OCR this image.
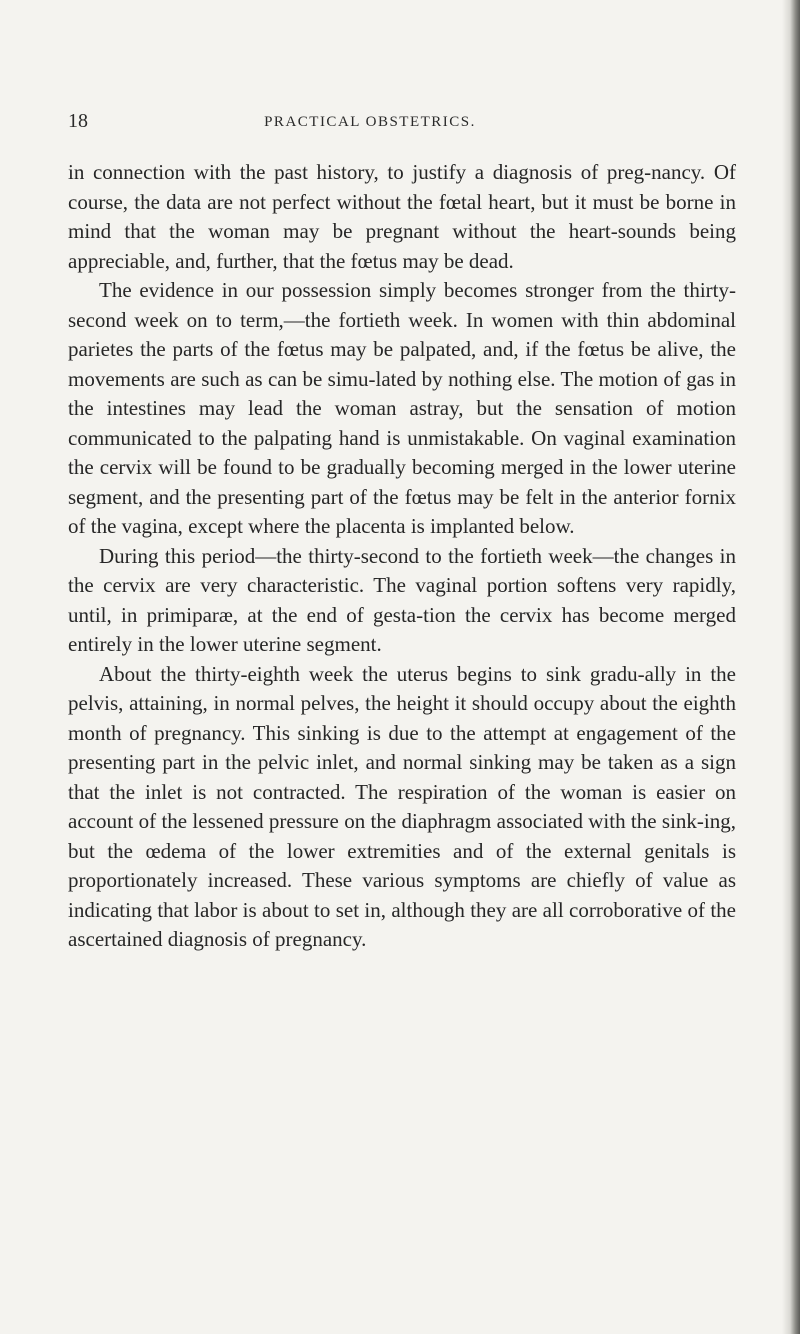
18	PRACTICAL OBSTETRICS.

in connection with the past history, to justify a diagnosis of preg-nancy. Of course, the data are not perfect without the fœtal heart, but it must be borne in mind that the woman may be pregnant without the heart-sounds being appreciable, and, further, that the fœtus may be dead.

The evidence in our possession simply becomes stronger from the thirty-second week on to term,—the fortieth week. In women with thin abdominal parietes the parts of the fœtus may be palpated, and, if the fœtus be alive, the movements are such as can be simu-lated by nothing else. The motion of gas in the intestines may lead the woman astray, but the sensation of motion communicated to the palpating hand is unmistakable. On vaginal examination the cervix will be found to be gradually becoming merged in the lower uterine segment, and the presenting part of the fœtus may be felt in the anterior fornix of the vagina, except where the placenta is implanted below.

During this period—the thirty-second to the fortieth week—the changes in the cervix are very characteristic. The vaginal portion softens very rapidly, until, in primiparæ, at the end of gesta-tion the cervix has become merged entirely in the lower uterine segment.

About the thirty-eighth week the uterus begins to sink gradu-ally in the pelvis, attaining, in normal pelves, the height it should occupy about the eighth month of pregnancy. This sinking is due to the attempt at engagement of the presenting part in the pelvic inlet, and normal sinking may be taken as a sign that the inlet is not contracted. The respiration of the woman is easier on account of the lessened pressure on the diaphragm associated with the sink-ing, but the œdema of the lower extremities and of the external genitals is proportionately increased. These various symptoms are chiefly of value as indicating that labor is about to set in, although they are all corroborative of the ascertained diagnosis of pregnancy.
